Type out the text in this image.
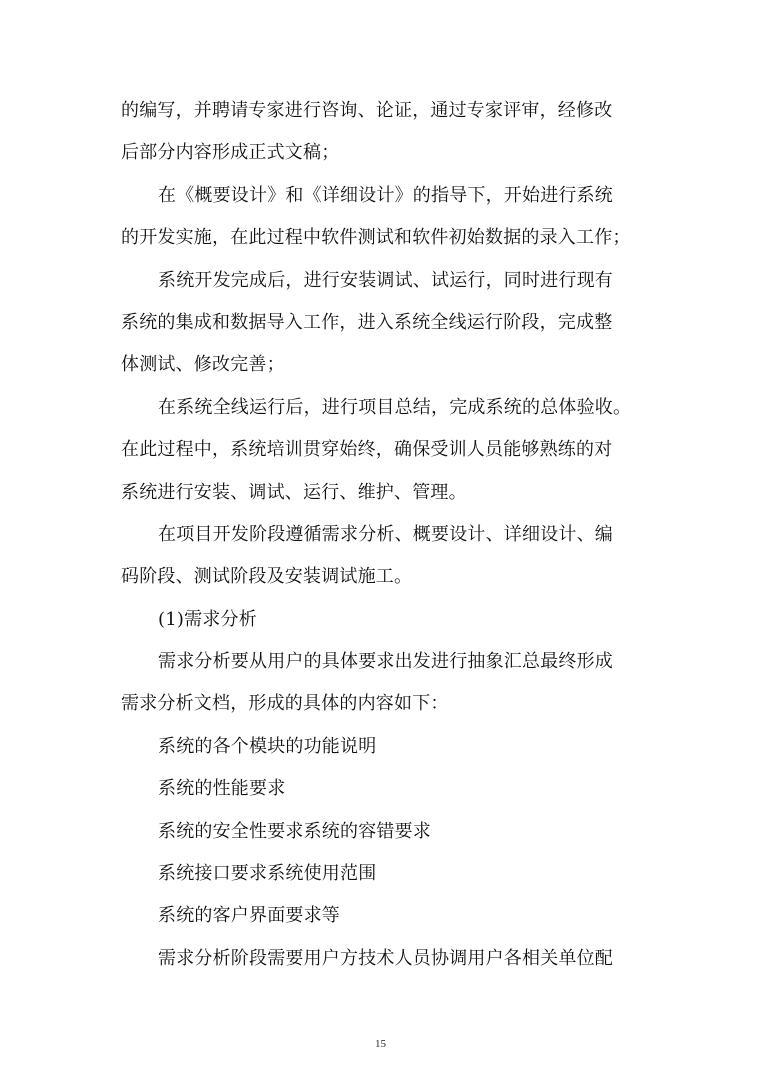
的编写，并聘请专家进行咨询、论证，通过专家评审，经修改
后部分内容形成正式文稿；
在《概要设计》和《详细设计》的指导下，开始进行系统
的开发实施，在此过程中软件测试和软件初始数据的录入工作；
系统开发完成后，进行安装调试、试运行，同时进行现有
系统的集成和数据导入工作，进入系统全线运行阶段，完成整
体测试、修改完善；
在系统全线运行后，进行项目总结，完成系统的总体验收。
在此过程中，系统培训贯穿始终，确保受训人员能够熟练的对
系统进行安装、调试、运行、维护、管理。
在项目开发阶段遵循需求分析、概要设计、详细设计、编
码阶段、测试阶段及安装调试施工。
(1)需求分析
需求分析要从用户的具体要求出发进行抽象汇总最终形成
需求分析文档，形成的具体的内容如下：
系统的各个模块的功能说明
系统的性能要求
系统的安全性要求系统的容错要求
系统接口要求系统使用范围
系统的客户界面要求等
需求分析阶段需要用户方技术人员协调用户各相关单位配
15
